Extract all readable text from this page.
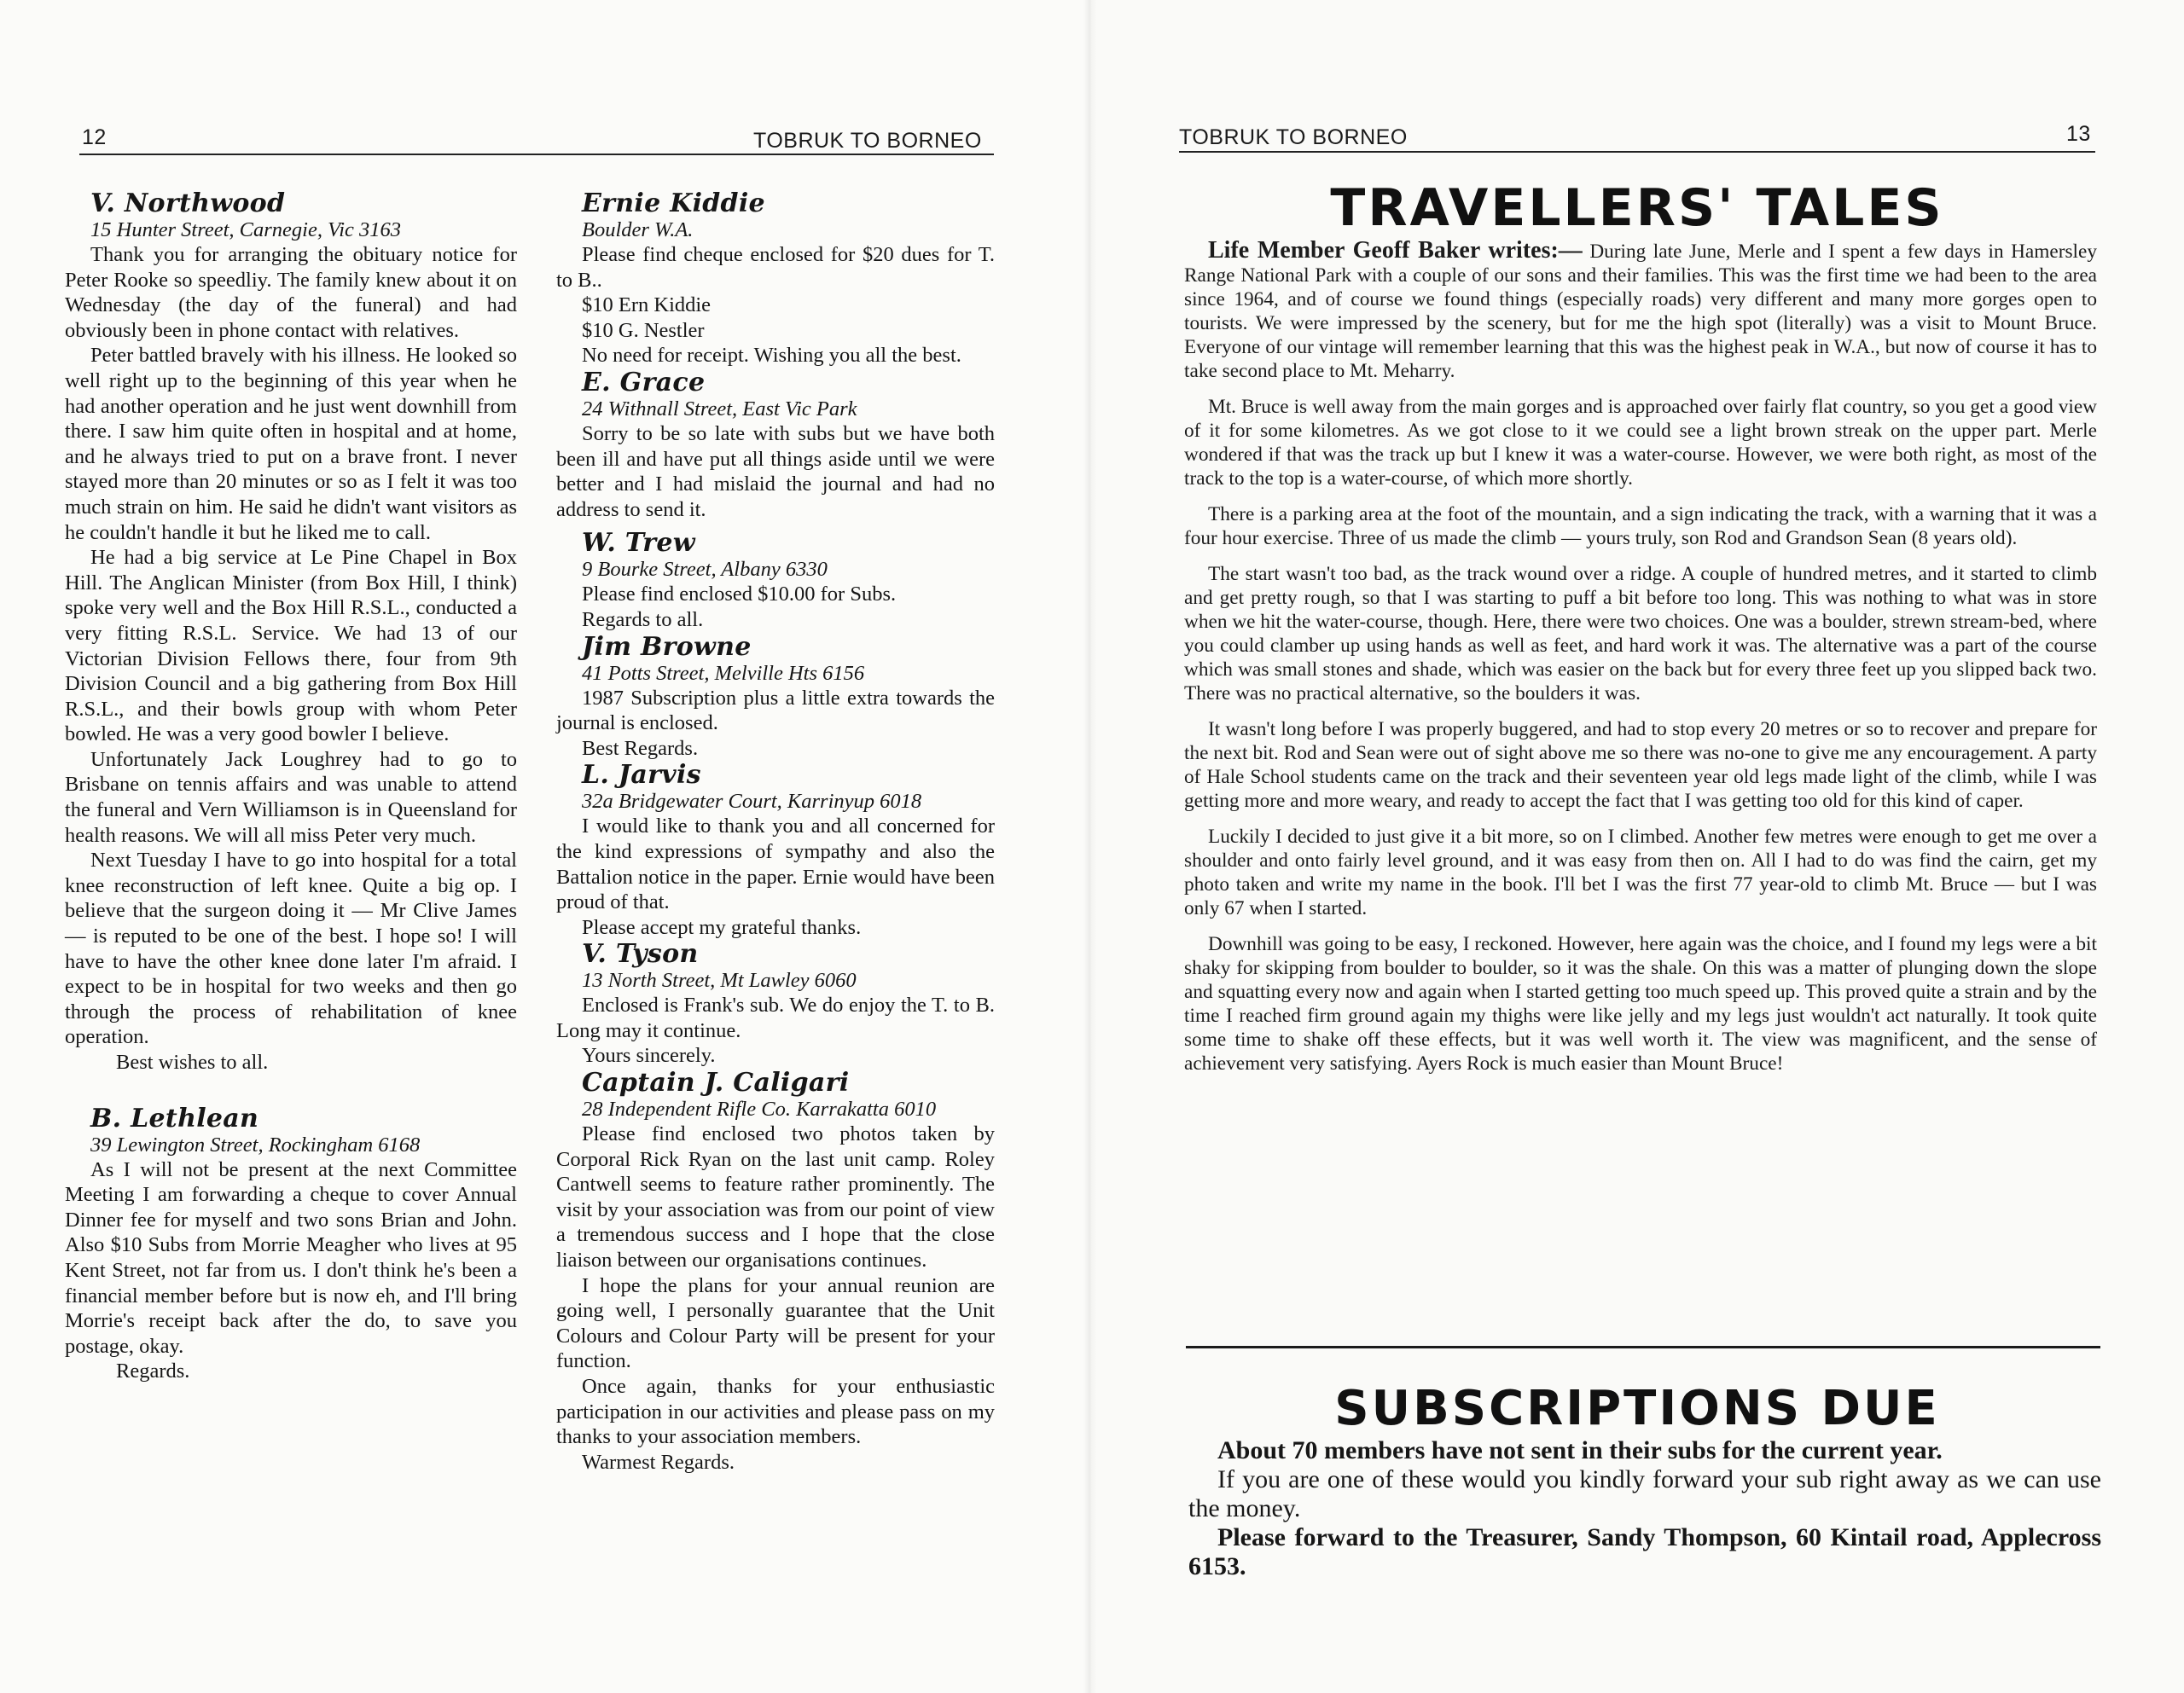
12	TOBRUK TO BORNEO

V. Northwood

15 Hunter Street, Carnegie, Vic 3163

Thank you for arranging the obituary notice for Peter Rooke so speedliy. The family knew about it on Wednesday (the day of the funeral) and had obviously been in phone contact with relatives.

Peter battled bravely with his illness. He looked so well right up to the beginning of this year when he had another operation and he just went downhill from there. I saw him quite often in hospital and at home, and he always tried to put on a brave front. I never stayed more than 20 minutes or so as I felt it was too much strain on him. He said he didn't want visitors as he couldn't handle it but he liked me to call.

He had a big service at Le Pine Chapel in Box Hill. The Anglican Minister (from Box Hill, I think) spoke very well and the Box Hill R.S.L., conducted a very fitting R.S.L. Service. We had 13 of our Victorian Division Fellows there, four from 9th Division Council and a big gathering from Box Hill R.S.L., and their bowls group with whom Peter bowled. He was a very good bowler I believe.

Unfortunately Jack Loughrey had to go to Brisbane on tennis affairs and was unable to attend the funeral and Vern Williamson is in Queensland for health reasons. We will all miss Peter very much.

Next Tuesday I have to go into hospital for a total knee reconstruction of left knee. Quite a big op. I believe that the surgeon doing it — Mr Clive James — is reputed to be one of the best. I hope so! I will have to have the other knee done later I'm afraid. I expect to be in hospital for two weeks and then go through the process of rehabilitation of knee operation.

Best wishes to all.

B. Lethlean

39 Lewington Street, Rockingham 6168

As I will not be present at the next Committee Meeting I am forwarding a cheque to cover Annual Dinner fee for myself and two sons Brian and John. Also $10 Subs from Morrie Meagher who lives at 95 Kent Street, not far from us. I don't think he's been a financial member before but is now eh, and I'll bring Morrie's receipt back after the do, to save you postage, okay.

Regards.

Ernie Kiddie

Boulder W.A.

Please find cheque enclosed for $20 dues for T. to B..

$10 Ern Kiddie

$10 G. Nestler

No need for receipt. Wishing you all the best.

E. Grace

24 Withnall Street, East Vic Park

Sorry to be so late with subs but we have both been ill and have put all things aside until we were better and I had mislaid the journal and had no address to send it.

W. Trew

9 Bourke Street, Albany 6330

Please find enclosed $10.00 for Subs.

Regards to all.

Jim Browne

41 Potts Street, Melville Hts 6156

1987 Subscription plus a little extra towards the journal is enclosed.

Best Regards.

L. Jarvis

32a Bridgewater Court, Karrinyup 6018

I would like to thank you and all concerned for the kind expressions of sympathy and also the Battalion notice in the paper. Ernie would have been proud of that.

Please accept my grateful thanks.

V. Tyson

13 North Street, Mt Lawley 6060

Enclosed is Frank's sub. We do enjoy the T. to B. Long may it continue.

Yours sincerely.

Captain J. Caligari

28 Independent Rifle Co. Karrakatta 6010

Please find enclosed two photos taken by Corporal Rick Ryan on the last unit camp. Roley Cantwell seems to feature rather prominently. The visit by your association was from our point of view a tremendous success and I hope that the close liaison between our organisations continues.

I hope the plans for your annual reunion are going well, I personally guarantee that the Unit Colours and Colour Party will be present for your function.

Once again, thanks for your enthusiastic participation in our activities and please pass on my thanks to your association members.

Warmest Regards.

TOBRUK TO BORNEO	13
TRAVELLERS' TALES

Life Member Geoff Baker writes:— During late June, Merle and I spent a few days in Hamersley Range National Park with a couple of our sons and their families. This was the first time we had been to the area since 1964, and of course we found things (especially roads) very different and many more gorges open to tourists. We were impressed by the scenery, but for me the high spot (literally) was a visit to Mount Bruce. Everyone of our vintage will remember learning that this was the highest peak in W.A., but now of course it has to take second place to Mt. Meharry.

Mt. Bruce is well away from the main gorges and is approached over fairly flat country, so you get a good view of it for some kilometres. As we got close to it we could see a light brown streak on the upper part. Merle wondered if that was the track up but I knew it was a water-course. However, we were both right, as most of the track to the top is a water-course, of which more shortly.

There is a parking area at the foot of the mountain, and a sign indicating the track, with a warning that it was a four hour exercise. Three of us made the climb — yours truly, son Rod and Grandson Sean (8 years old).

The start wasn't too bad, as the track wound over a ridge. A couple of hundred metres, and it started to climb and get pretty rough, so that I was starting to puff a bit before too long. This was nothing to what was in store when we hit the water-course, though. Here, there were two choices. One was a boulder, strewn stream-bed, where you could clamber up using hands as well as feet, and hard work it was. The alternative was a part of the course which was small stones and shade, which was easier on the back but for every three feet up you slipped back two. There was no practical alternative, so the boulders it was.

It wasn't long before I was properly buggered, and had to stop every 20 metres or so to recover and prepare for the next bit. Rod and Sean were out of sight above me so there was no-one to give me any encouragement. A party of Hale School students came on the track and their seventeen year old legs made light of the climb, while I was getting more and more weary, and ready to accept the fact that I was getting too old for this kind of caper.

Luckily I decided to just give it a bit more, so on I climbed. Another few metres were enough to get me over a shoulder and onto fairly level ground, and it was easy from then on. All I had to do was find the cairn, get my photo taken and write my name in the book. I'll bet I was the first 77 year-old to climb Mt. Bruce — but I was only 67 when I started.

Downhill was going to be easy, I reckoned. However, here again was the choice, and I found my legs were a bit shaky for skipping from boulder to boulder, so it was the shale. On this was a matter of plunging down the slope and squatting every now and again when I started getting too much speed up. This proved quite a strain and by the time I reached firm ground again my thighs were like jelly and my legs just wouldn't act naturally. It took quite some time to shake off these effects, but it was well worth it. The view was magnificent, and the sense of achievement very satisfying. Ayers Rock is much easier than Mount Bruce!

SUBSCRIPTIONS DUE

About 70 members have not sent in their subs for the current year.

If you are one of these would you kindly forward your sub right away as we can use the money.

Please forward to the Treasurer, Sandy Thompson, 60 Kintail road, Applecross 6153.
